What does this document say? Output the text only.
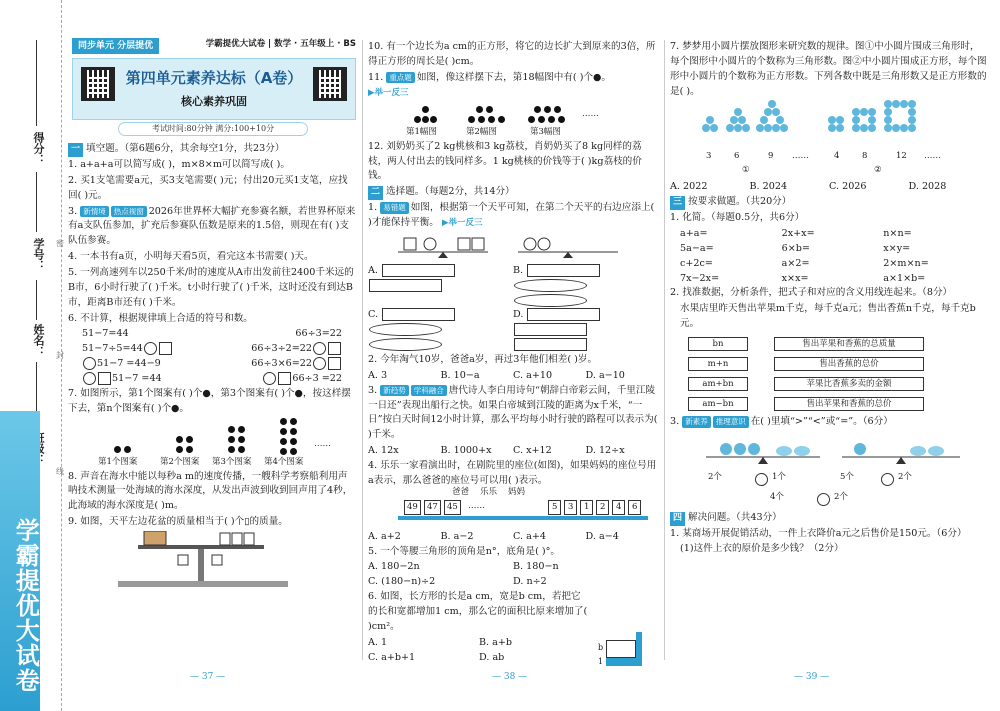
得分：
学号：
姓名：
密
封
线
学霸提优大试卷
同步单元 分层提优	学霸提优大试卷 | 数学 · 五年级上 · BS
第四单元素养达标（A卷）
核心素养巩固
考试时间:80分钟 满分:100+10分
一 填空题。（第6题6分，其余每空1分，共23分）
1. a+a+a可以简写成( )，m×8×m可以简写成( )。
2. 买1支笔需要a元，买3支笔需要( )元；付出20元买1支笔，应找回( )元。
3. 新情境 热点视窗 2026年世界杯大幅扩充参赛名额，若世界杯原来有a支队伍参加，扩充后参赛队伍数是原来的1.5倍，则现在有( )支队伍参赛。
4. 一本书有a页，小明每天看5页，看完这本书需要( )天。
5. 一列高速列车以250千米/时的速度从A市出发前往2400千米远的B市，6小时行驶了( )千米。t小时行驶了( )千米，这时还没有到达B市，距离B市还有( )千米。
6. 不计算，根据规律填上合适的符号和数。
51−7=44	66÷3=22
51−7÷5=44	66÷3÷2=22
51−7 =44−9	66÷3×6=22
51−7 =44	66÷3 =22
7. 如图所示，第1个图案有( )个●，第3个图案有( )个●，按这样摆下去，第n个图案有( )个●。
……
第1个图案	第2个图案 第3个图案 第4个图案
8. 声音在海水中能以每秒a m的速度传播，一艘科学考察船利用声呐技术测量一处海域的海水深度，从发出声波到收到回声用了4秒，此海域的海水深度是( )m。
9. 如图，天平左边花盆的质量相当于( )个▯的质量。
— 37 —
10. 有一个边长为a cm的正方形，将它的边长扩大到原来的3倍，所得正方形的周长是( )cm。
11. 重点题 如图，像这样摆下去，第18幅图中有( )个●。
▶举一反三
……
第1幅图	第2幅图	第3幅图
12. 刘奶奶买了2 kg桃核和3 kg荔枝，肖奶奶买了8 kg同样的荔枝，两人付出去的钱同样多。1 kg桃核的价钱等于( )kg荔枝的价钱。
二 选择题。（每题2分，共14分）
1. 易错题 如图，根据第一个天平可知，在第二个天平的右边应添上( )才能保持平衡。 ▶举一反三
A.	B.
C.	D.
2. 今年淘气10岁，爸爸a岁，再过3年他们相差( )岁。
A. 3	B. 10−a	C. a+10	D. a−10
3. 新趋势 学科融合 唐代诗人李白用诗句“朝辞白帝彩云间，千里江陵一日还”表现出船行之快。如果白帝城到江陵的距离为x千米，“一日”按白天时间12小时计算，那么平均每小时行驶的路程可以表示为( )千米。
A. 12x	B. 1000+x	C. x+12	D. 12÷x
4. 乐乐一家看演出时，在剧院里的座位(如图)，如果妈妈的座位号用a表示，那么爸爸的座位号可以用( )表示。
爸爸 乐乐 妈妈
49	47	45	……	5	3	1	2	4	6
A. a+2	B. a−2	C. a+4	D. a−4
5. 一个等腰三角形的顶角是n°，底角是( )°。
A. 180−2n	B. 180−n
C. (180−n)÷2	D. n÷2
6. 如图，长方形的长是a cm，宽是b cm，若把它的长和宽都增加1 cm，那么它的面积比原来增加了( )cm²。
A. 1	B. a+b
C. a+b+1	D. ab
b
1
— 38 —
7. 梦梦用小圆片摆放图形来研究数的规律。图①中小圆片围成三角形时，每个图形中小圆片的个数称为三角形数。图②中小圆片围成正方形，每个图形中小圆片的个数称为正方形数。下列各数中既是三角形数又是正方形数的是( )。
3	6	9 ……	4	8	12 ……
①	②
A. 2022	B. 2024	C. 2026	D. 2028
三 按要求做题。（共20分）
1. 化简。（每题0.5分，共6分）
a+a=	2x+x=	n×n=
5a−a=	6×b=	x×y=
c+2c=	a×2=	2×m×n=
7x−2x=	x×x=	a×1×b=
2. 找准数据，分析条件，把式子和对应的含义用线连起来。（8分）
水果店里昨天售出苹果m千克，每千克a元；售出香蕉n千克，每千克b元。
bn
m+n
am+bn
am−bn
售出苹果和香蕉的总质量
售出香蕉的总价
苹果比香蕉多卖的金额
售出苹果和香蕉的总价
3. 新素养 推理意识 在( )里填“>”“<”或“=”。（6分）
2个	1个	5个	2个
4个	2个
四 解决问题。（共43分）
1. 某商场开展促销活动，一件上衣降价a元之后售价是150元。（6分）
(1)这件上衣的原价是多少钱？（2分）
— 39 —
